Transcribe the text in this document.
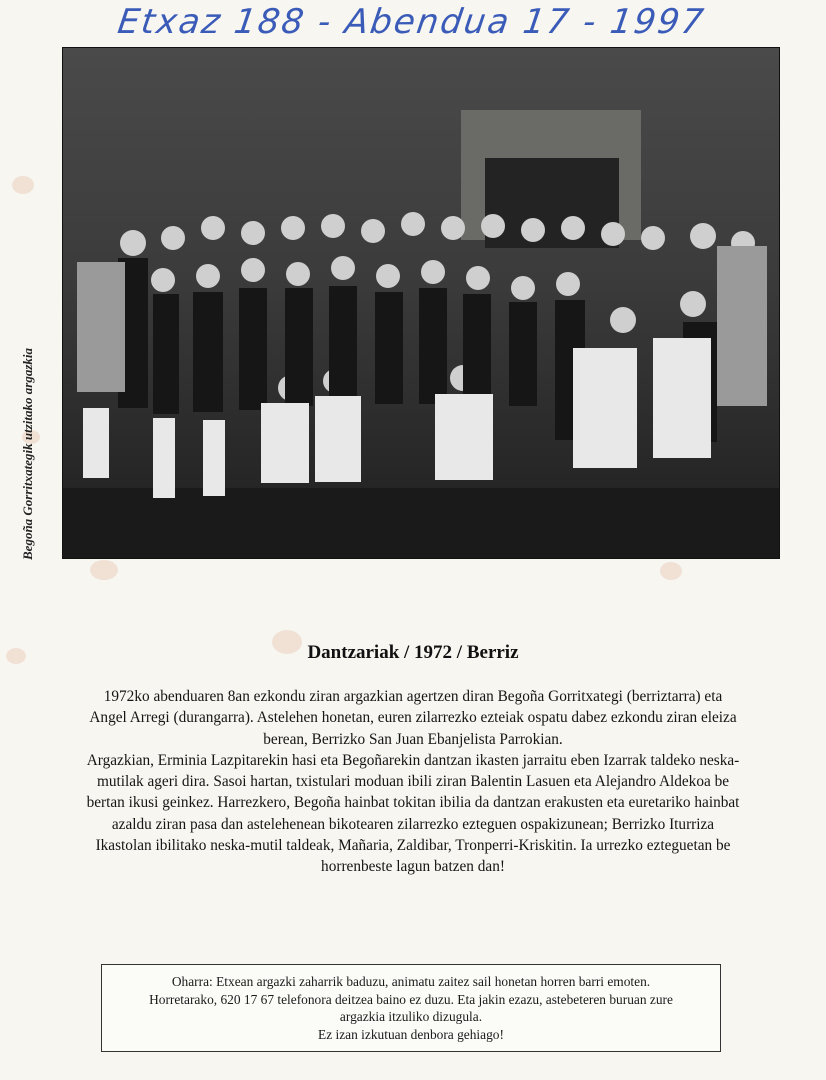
Etxaz 188 - Abendua 17 - 1997
Begoña Gorritxategik utzitako argazkia
Dantzariak / 1972 / Berriz

1972ko abenduaren 8an ezkondu ziran argazkian agertzen diran Begoña Gorritxategi (berriztarra) eta Angel Arregi (durangarra). Astelehen honetan, euren zilarrezko ezteiak ospatu dabez ezkondu ziran eleiza berean, Berrizko San Juan Ebanjelista Parrokian.

Argazkian, Erminia Lazpitarekin hasi eta Begoñarekin dantzan ikasten jarraitu eben Izarrak taldeko neska-mutilak ageri dira. Sasoi hartan, txistulari moduan ibili ziran Balentin Lasuen eta Alejandro Aldekoa be bertan ikusi geinkez. Harrezkero, Begoña hainbat tokitan ibilia da dantzan erakusten eta euretariko hainbat azaldu ziran pasa dan astelehenean bikotearen zilarrezko ezteguen ospakizunean; Berrizko Iturriza Ikastolan ibilitako neska-mutil taldeak, Mañaria, Zaldibar, Tronperri-Kriskitin. Ia urrezko ezteguetan be horrenbeste lagun batzen dan!

Oharra: Etxean argazki zaharrik baduzu, animatu zaitez sail honetan horren barri emoten.
Horretarako, 620 17 67 telefonora deitzea baino ez duzu. Eta jakin ezazu, astebeteren buruan zure
argazkia itzuliko dizugula.
Ez izan izkutuan denbora gehiago!
